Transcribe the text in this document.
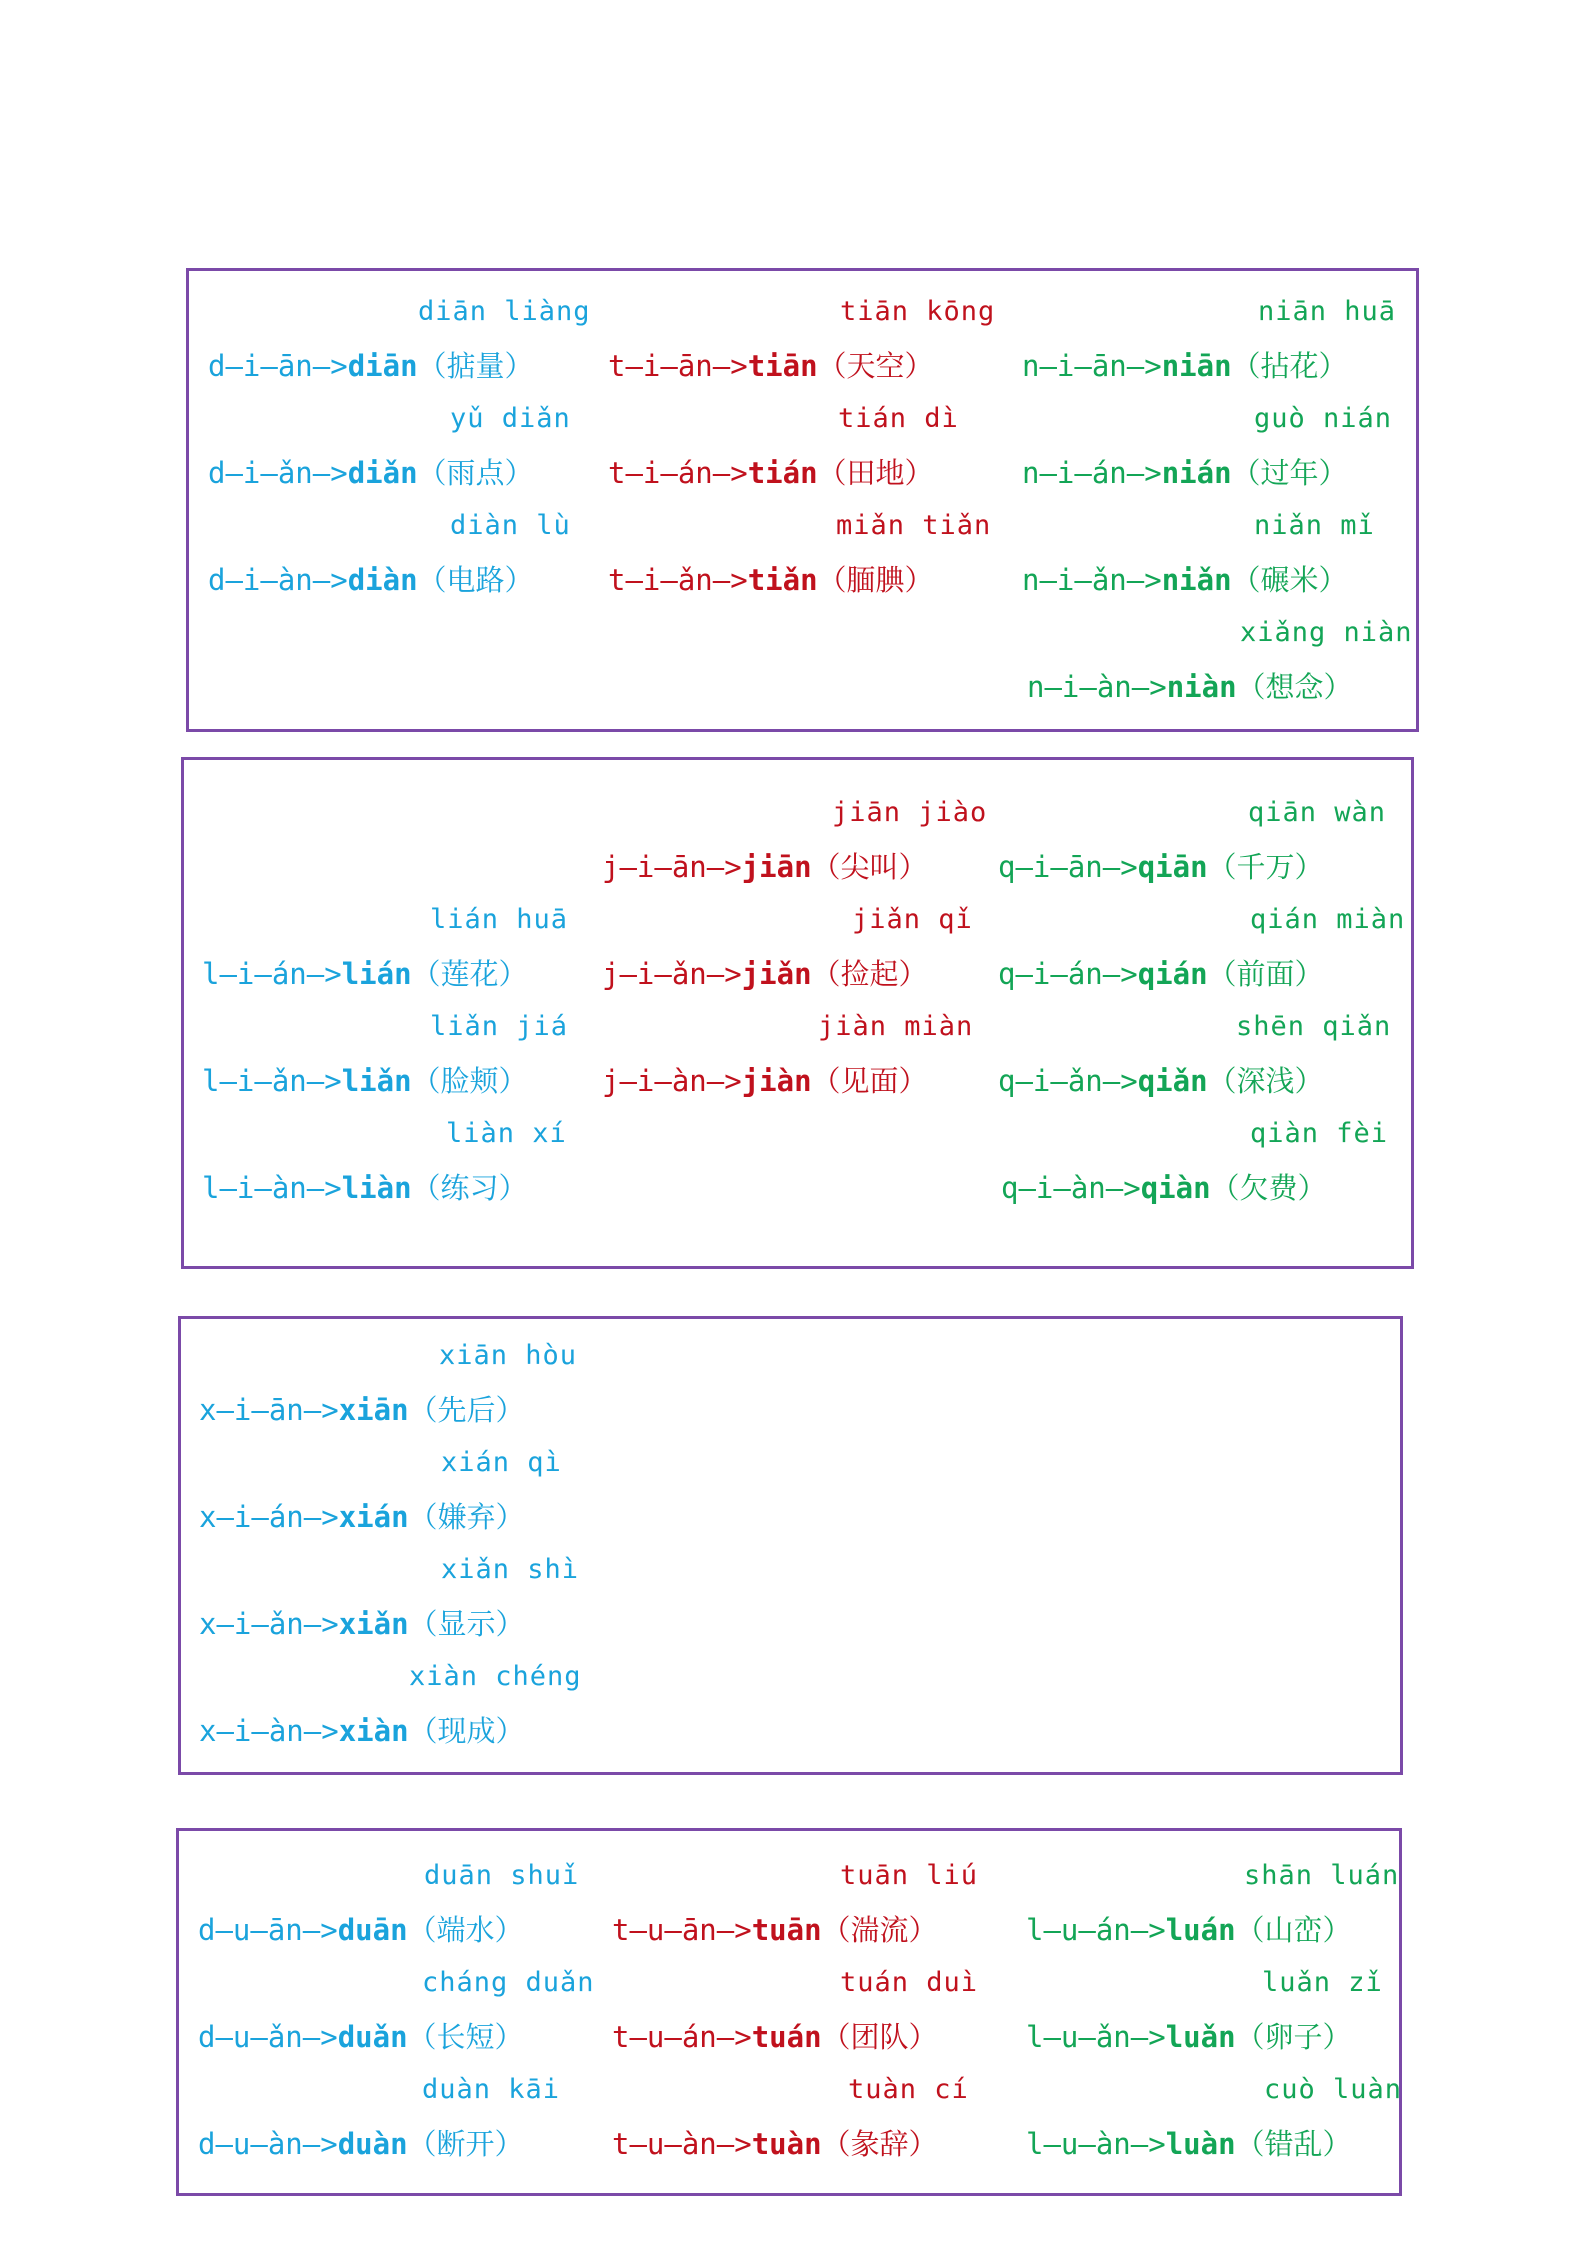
diān liàng
d—i—ān—>diān（掂量）
yǔ diǎn
d—i—ǎn—>diǎn（雨点）
diàn lù
d—i—àn—>diàn（电路）
tiān kōng
t—i—ān—>tiān（天空）
tián dì
t—i—án—>tián（田地）
miǎn tiǎn
t—i—ǎn—>tiǎn（腼腆）
niān huā
n—i—ān—>niān（拈花）
guò nián
n—i—án—>nián（过年）
niǎn mǐ
n—i—ǎn—>niǎn（碾米）
xiǎng niàn
n—i—àn—>niàn（想念）
lián huā
l—i—án—>lián（莲花）
liǎn jiá
l—i—ǎn—>liǎn（脸颊）
liàn xí
l—i—àn—>liàn（练习）
jiān jiào
j—i—ān—>jiān（尖叫）
jiǎn qǐ
j—i—ǎn—>jiǎn（捡起）
jiàn miàn
j—i—àn—>jiàn（见面）
qiān wàn
q—i—ān—>qiān（千万）
qián miàn
q—i—án—>qián（前面）
shēn qiǎn
q—i—ǎn—>qiǎn（深浅）
qiàn fèi
q—i—àn—>qiàn（欠费）
xiān hòu
x—i—ān—>xiān（先后）
xián qì
x—i—án—>xián（嫌弃）
xiǎn shì
x—i—ǎn—>xiǎn（显示）
xiàn chéng
x—i—àn—>xiàn（现成）
duān shuǐ
d—u—ān—>duān（端水）
cháng duǎn
d—u—ǎn—>duǎn（长短）
duàn kāi
d—u—àn—>duàn（断开）
tuān liú
t—u—ān—>tuān（湍流）
tuán duì
t—u—án—>tuán（团队）
tuàn cí
t—u—àn—>tuàn（彖辞）
shān luán
l—u—án—>luán（山峦）
luǎn zǐ
l—u—ǎn—>luǎn（卵子）
cuò luàn
l—u—àn—>luàn（错乱）
